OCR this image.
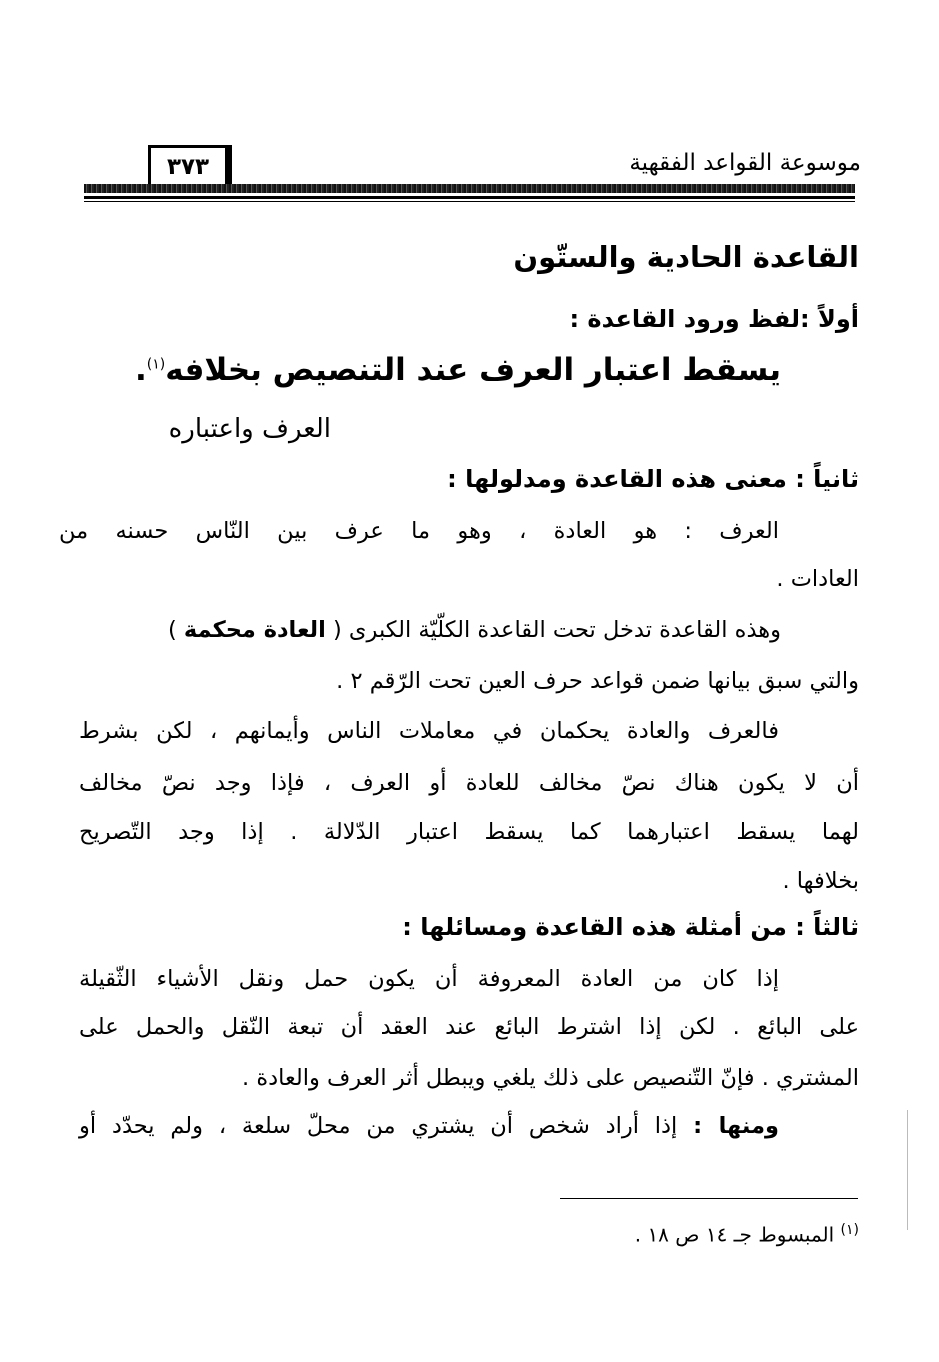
موسوعة القواعد الفقهية
٣٧٣
القاعدة الحادية والستّون
أولاً :لفظ ورود القاعدة :
يسقط اعتبار العرف عند التنصيص بخلافه$^{(١)}$.
العرف واعتباره
ثانياً : معنى هذه القاعدة ومدلولها :
العرف : هو العادة ، وهو ما عرف بين النّاس حسنه من
العادات .
وهذه القاعدة تدخل تحت القاعدة الكلّيّة الكبرى ( العادة محكمة )
والتي سبق بيانها ضمن قواعد حرف العين تحت الرّقم ٢ .
فالعرف والعادة يحكمان في معاملات الناس وأيمانهم ، لكن بشرط
أن لا يكون هناك نصّ مخالف للعادة أو العرف ، فإذا وجد نصّ مخالف
لهما يسقط اعتبارهما كما يسقط اعتبار الدّلالة . إذا وجد التّصريح
بخلافها .
ثالثاً : من أمثلة هذه القاعدة ومسائلها :
إذا كان من العادة المعروفة أن يكون حمل ونقل الأشياء الثّقيلة
على البائع . لكن إذا اشترط البائع عند العقد أن تبعة النّقل والحمل على
المشتري . فإنّ التّنصيص على ذلك يلغي ويبطل أثر العرف والعادة .
ومنها : إذا أراد شخص أن يشتري من محلّ سلعة ، ولم يحدّد أو
$^{(١)}$ المبسوط جـ ١٤ ص ١٨ .
